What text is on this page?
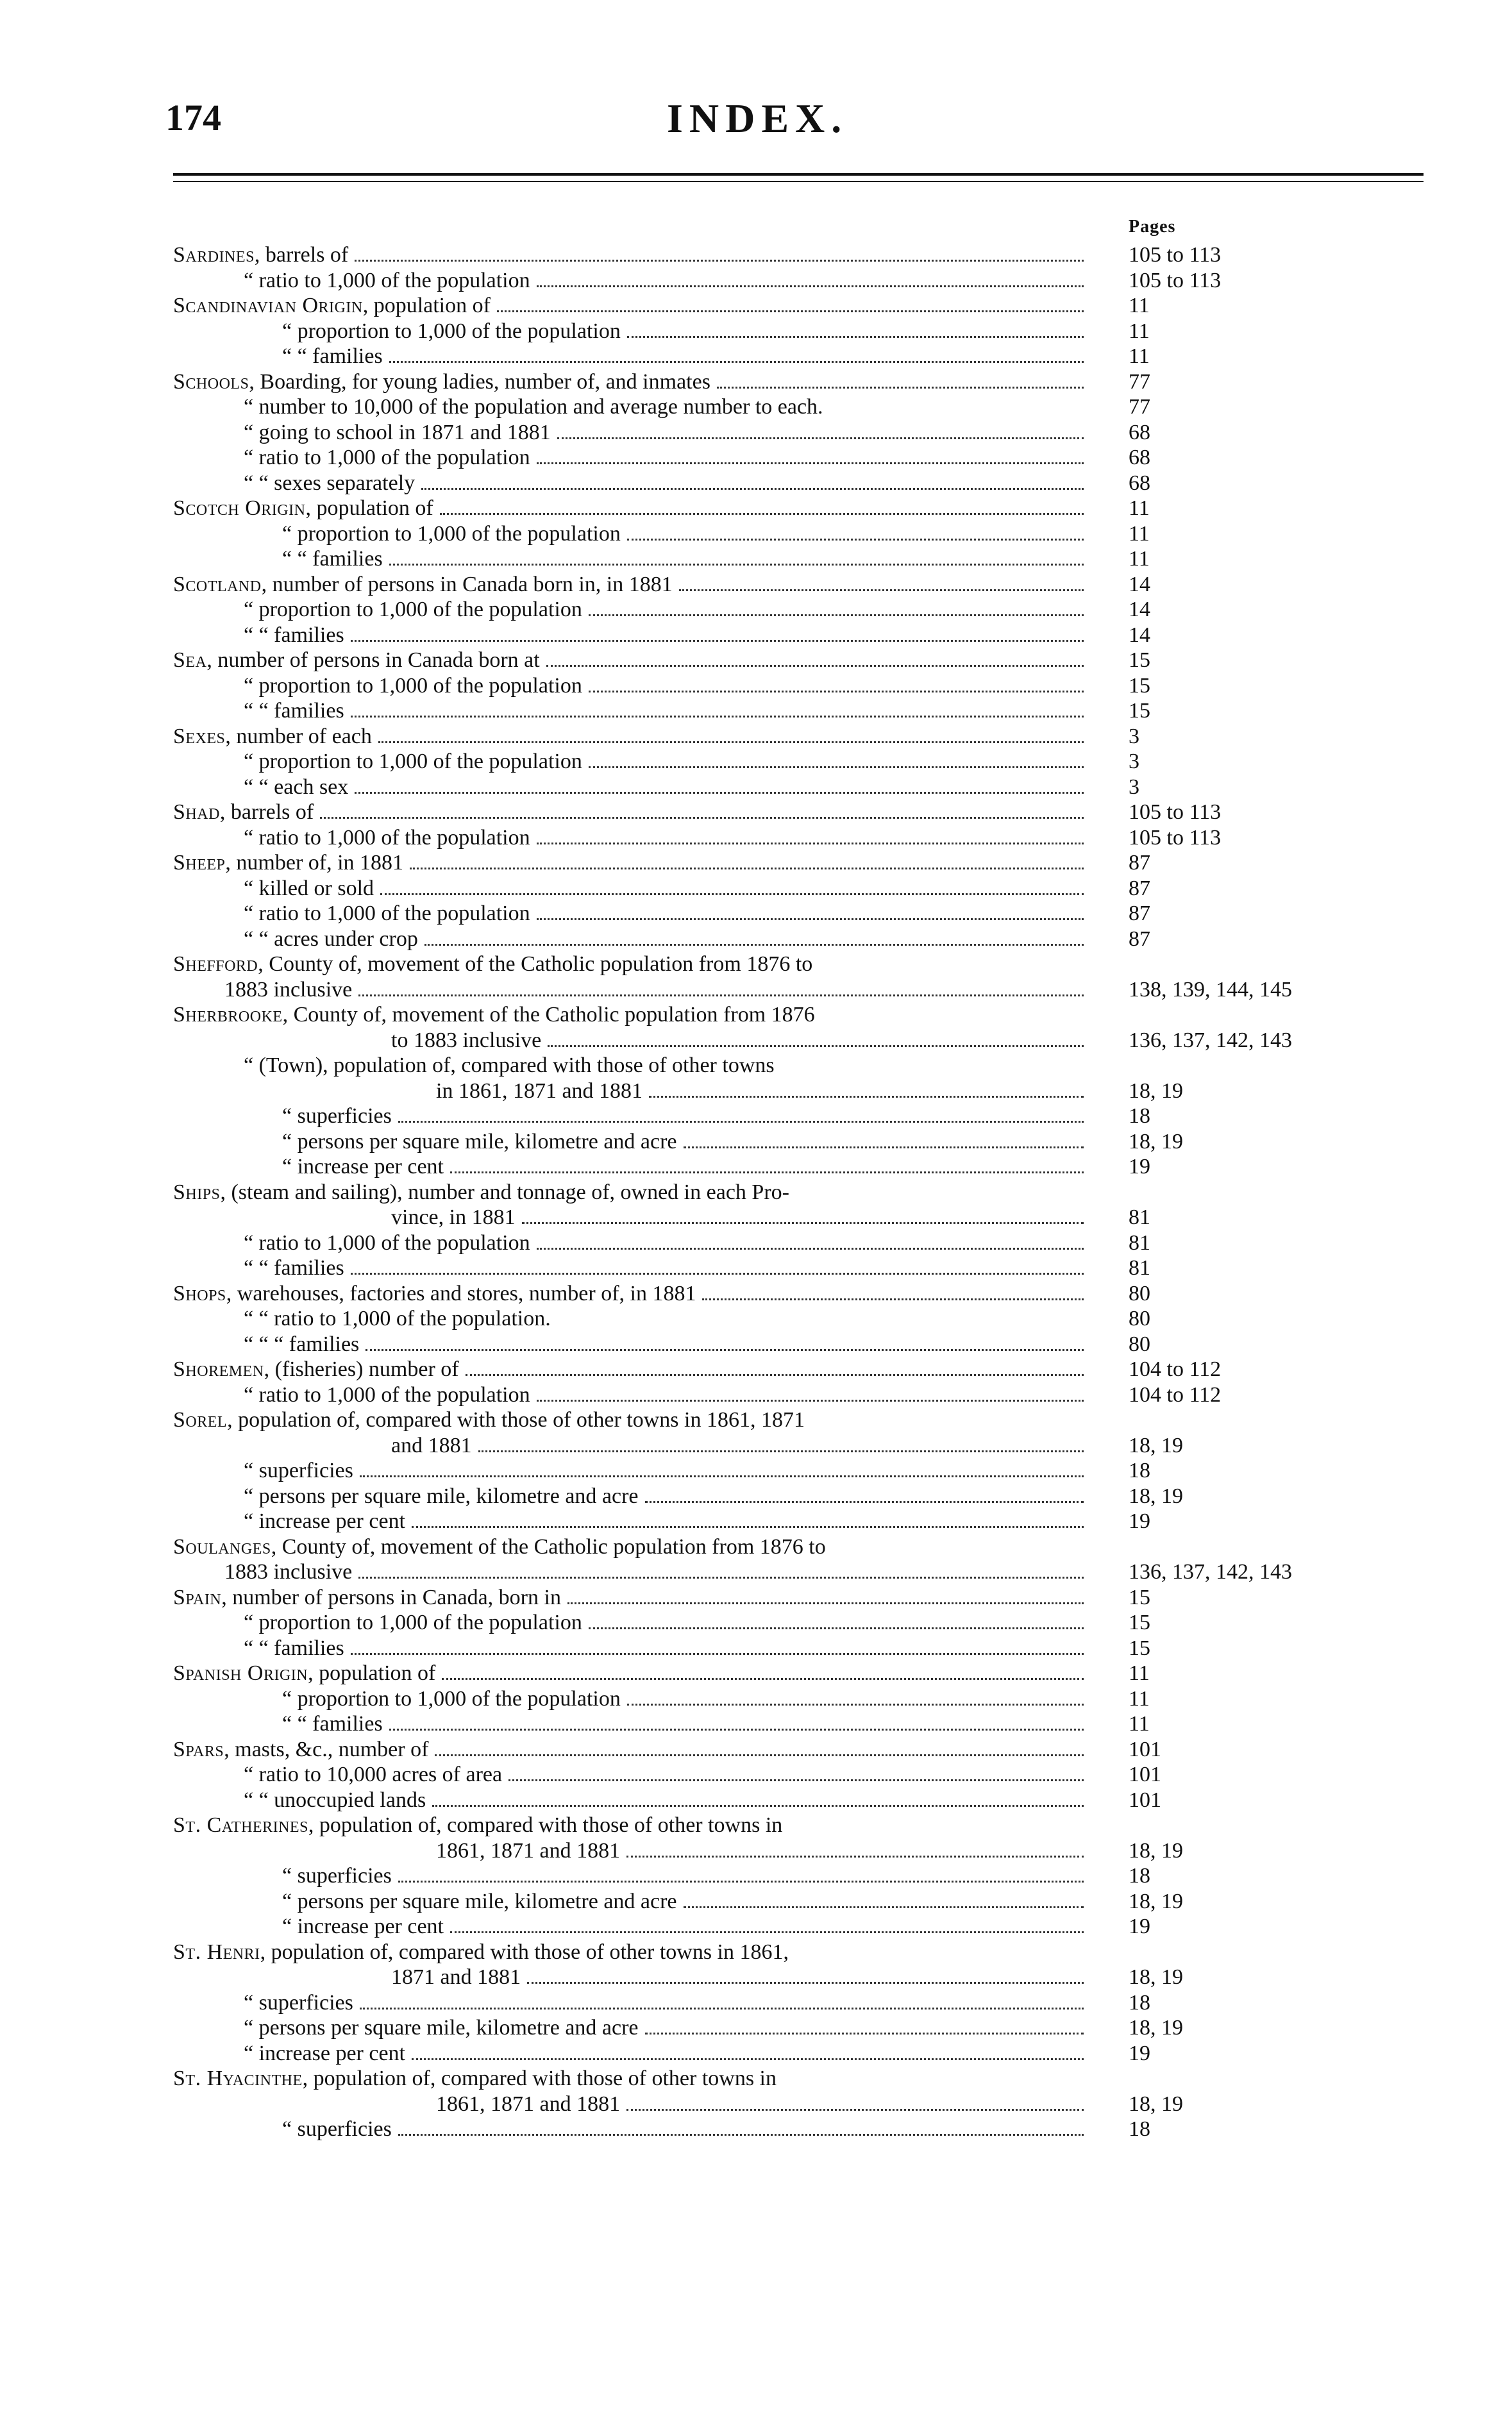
174	INDEX.
Pages
Sardines, barrels of	105 to 113
“ ratio to 1,000 of the population	105 to 113
Scandinavian Origin, population of	11
“ proportion to 1,000 of the population	11
“ “ families	11
Schools, Boarding, for young ladies, number of, and inmates	77
“ number to 10,000 of the population and average number to each.	77
“ going to school in 1871 and 1881	68
“ ratio to 1,000 of the population	68
“ “ sexes separately	68
Scotch Origin, population of	11
“ proportion to 1,000 of the population	11
“ “ families	11
Scotland, number of persons in Canada born in, in 1881	14
“ proportion to 1,000 of the population	14
“ “ families	14
Sea, number of persons in Canada born at	15
“ proportion to 1,000 of the population	15
“ “ families	15
Sexes, number of each	3
“ proportion to 1,000 of the population	3
“ “ each sex	3
Shad, barrels of	105 to 113
“ ratio to 1,000 of the population	105 to 113
Sheep, number of, in 1881	87
“ killed or sold	87
“ ratio to 1,000 of the population	87
“ “ acres under crop	87
Shefford, County of, movement of the Catholic population from 1876 to
1883 inclusive	138, 139, 144, 145
Sherbrooke, County of, movement of the Catholic population from 1876
to 1883 inclusive	136, 137, 142, 143
“ (Town), population of, compared with those of other towns
in 1861, 1871 and 1881	18, 19
“ superficies	18
“ persons per square mile, kilometre and acre	18, 19
“ increase per cent	19
Ships, (steam and sailing), number and tonnage of, owned in each Pro-
vince, in 1881	81
“ ratio to 1,000 of the population	81
“ “ families	81
Shops, warehouses, factories and stores, number of, in 1881	80
“ “ ratio to 1,000 of the population.	80
“ “ “ families	80
Shoremen, (fisheries) number of	104 to 112
“ ratio to 1,000 of the population	104 to 112
Sorel, population of, compared with those of other towns in 1861, 1871
and 1881	18, 19
“ superficies	18
“ persons per square mile, kilometre and acre	18, 19
“ increase per cent	19
Soulanges, County of, movement of the Catholic population from 1876 to
1883 inclusive	136, 137, 142, 143
Spain, number of persons in Canada, born in	15
“ proportion to 1,000 of the population	15
“ “ families	15
Spanish Origin, population of	11
“ proportion to 1,000 of the population	11
“ “ families	11
Spars, masts, &c., number of	101
“ ratio to 10,000 acres of area	101
“ “ unoccupied lands	101
St. Catherines, population of, compared with those of other towns in
1861, 1871 and 1881	18, 19
“ superficies	18
“ persons per square mile, kilometre and acre	18, 19
“ increase per cent	19
St. Henri, population of, compared with those of other towns in 1861,
1871 and 1881	18, 19
“ superficies	18
“ persons per square mile, kilometre and acre	18, 19
“ increase per cent	19
St. Hyacinthe, population of, compared with those of other towns in
1861, 1871 and 1881	18, 19
“ superficies	18
